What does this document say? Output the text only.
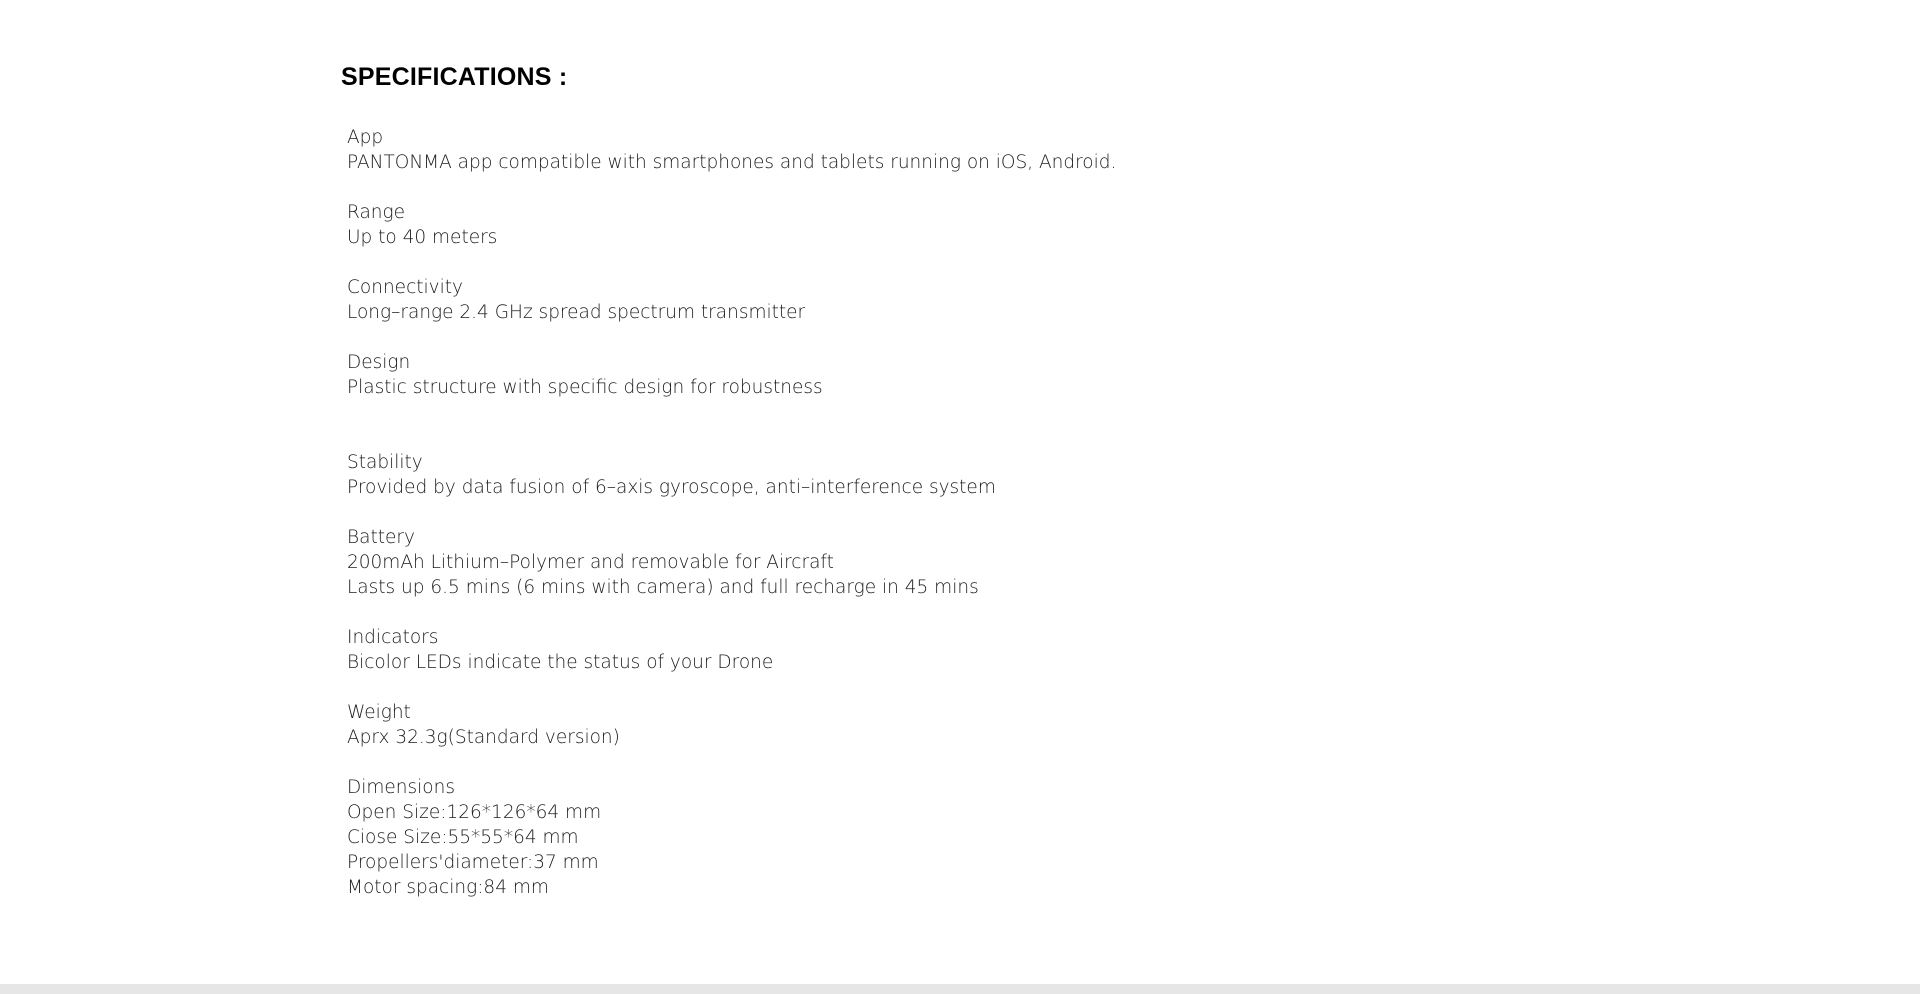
SPECIFICATIONS :
App
PANTONMA app compatible with smartphones and tablets running on iOS, Android.
Range
Up to 40 meters
Connectivity
Long–range 2.4 GHz spread spectrum transmitter
Design
Plastic structure with specific design for robustness
Stability
Provided by data fusion of 6–axis gyroscope, anti–interference system
Battery
200mAh Lithium–Polymer and removable for Aircraft
Lasts up 6.5 mins (6 mins with camera) and full recharge in 45 mins
Indicators
Bicolor LEDs indicate the status of your Drone
Weight
Aprx 32.3g(Standard version)
Dimensions
Open Size:126*126*64 mm
Ciose Size:55*55*64 mm
Propellers'diameter:37 mm
Motor spacing:84 mm
